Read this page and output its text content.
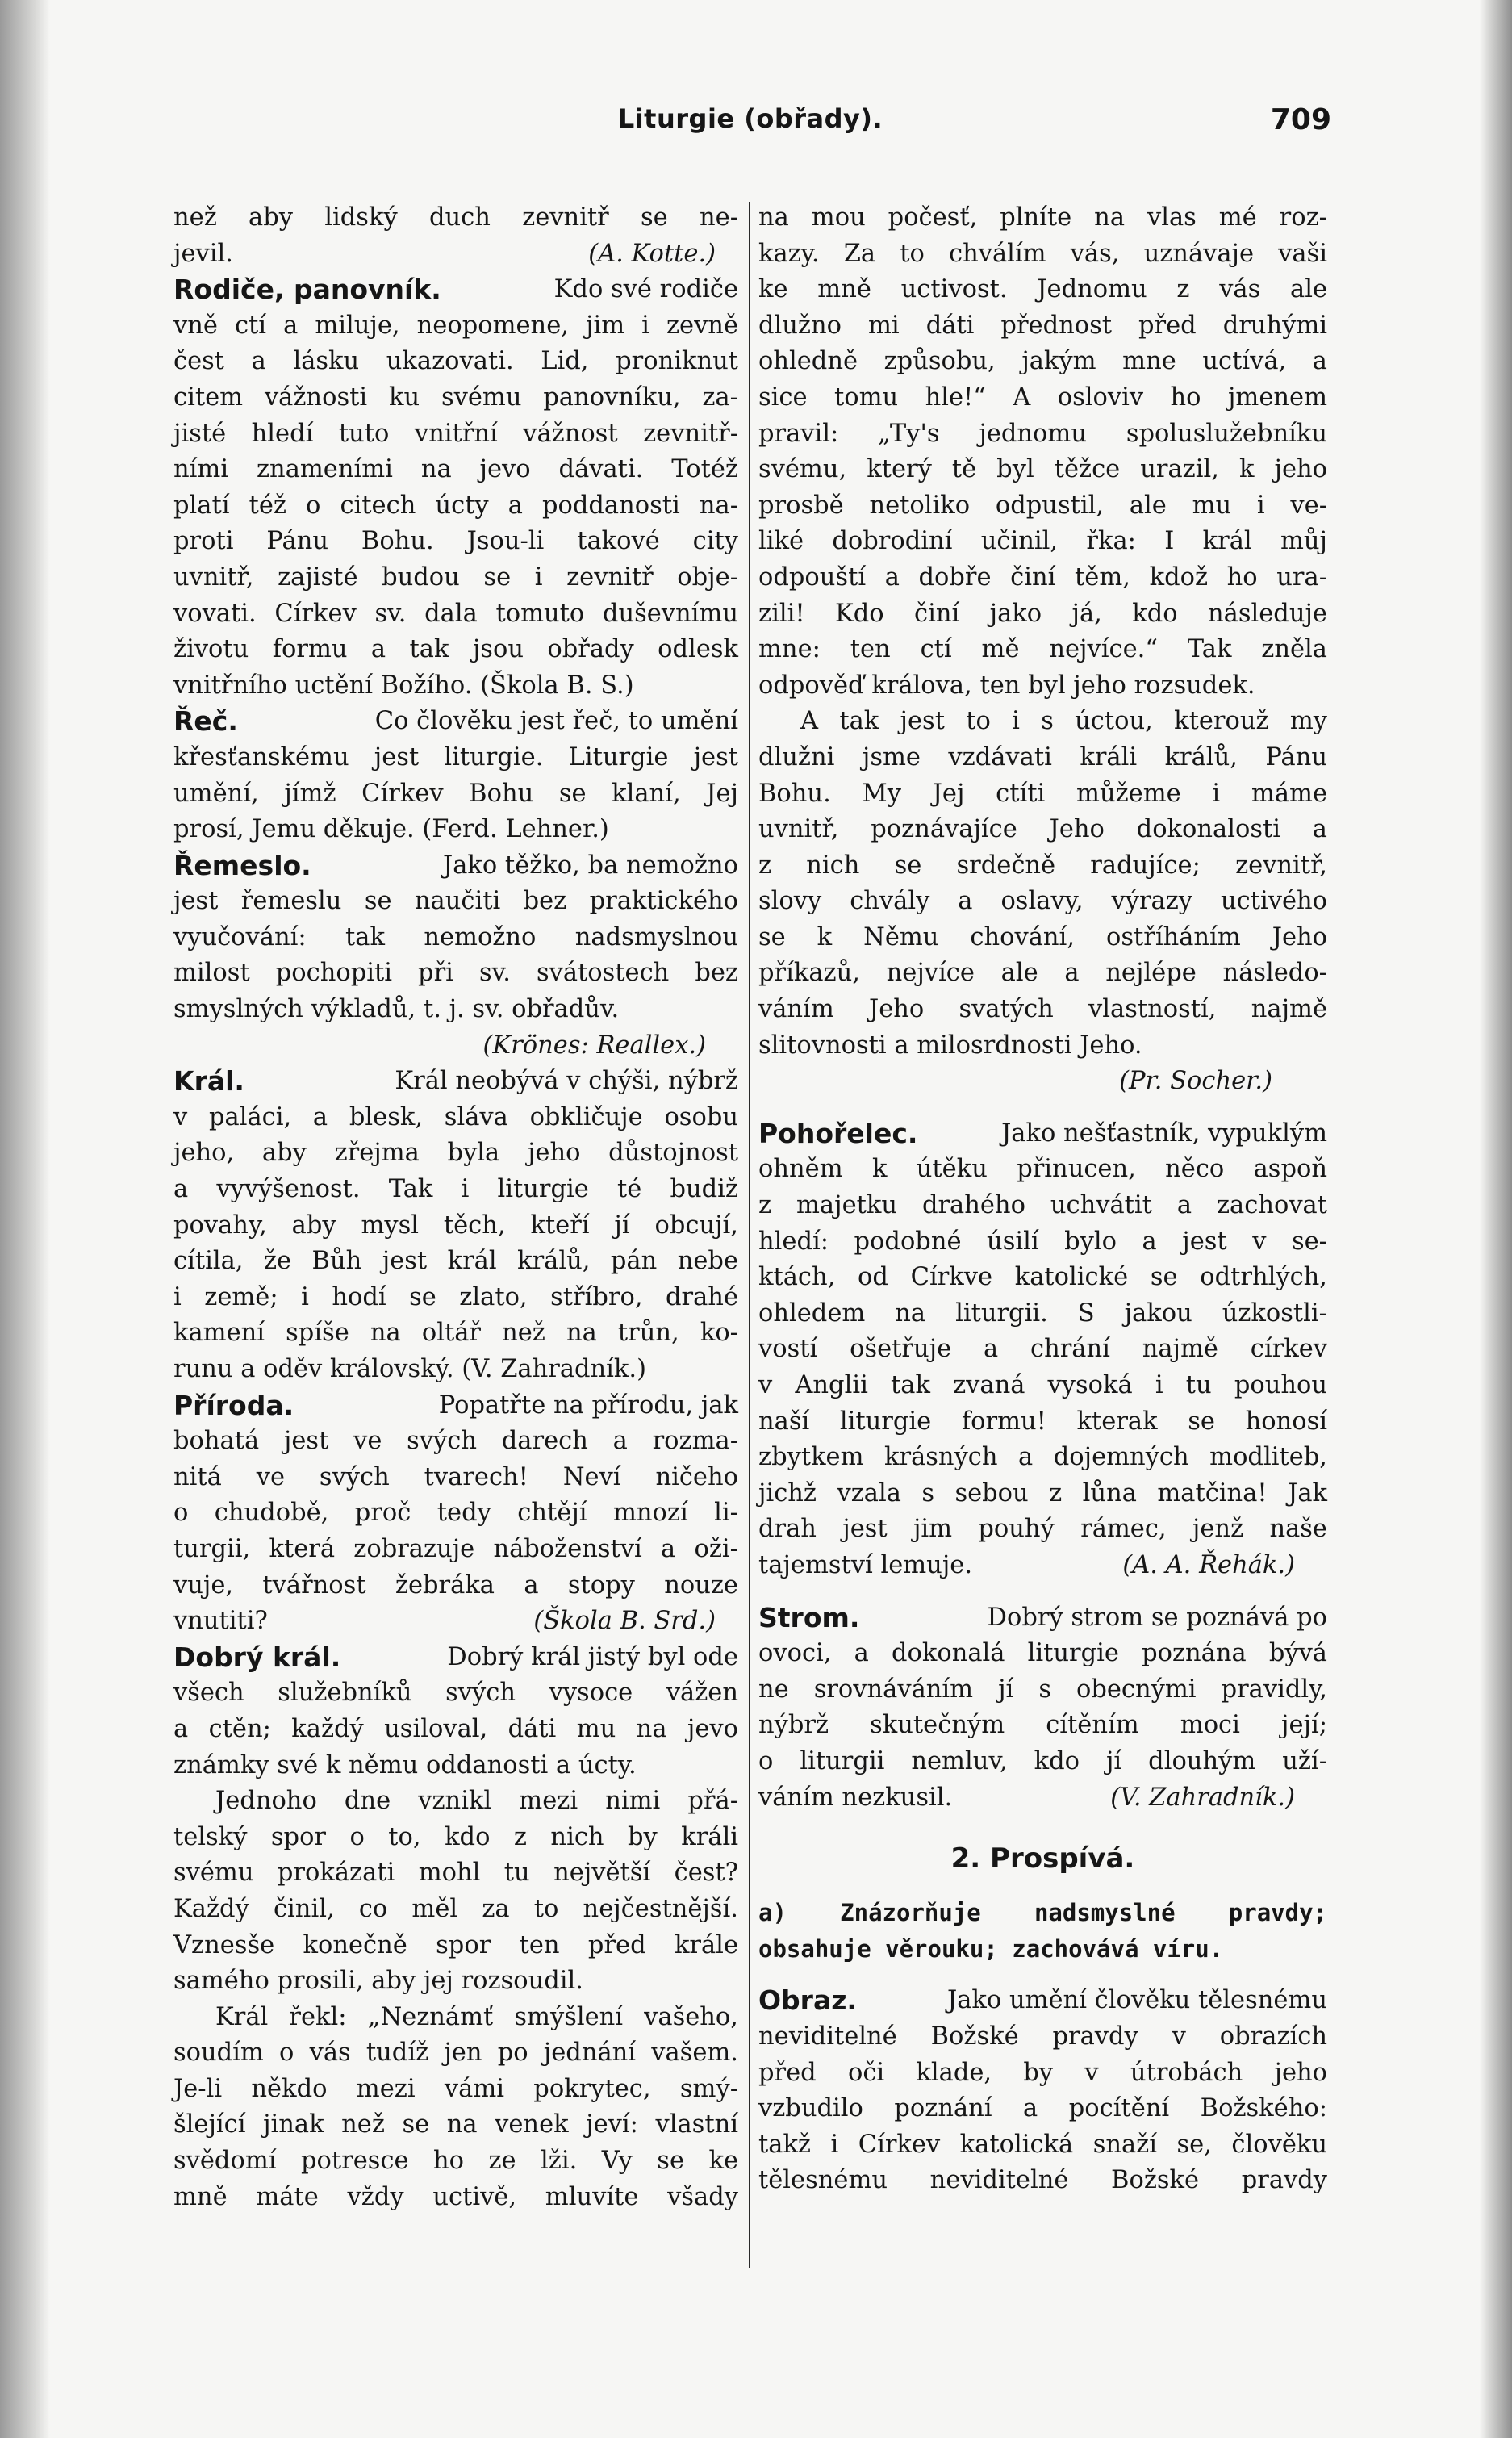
Liturgie (obřady).	709
než aby lidský duch zevnitř se ne-
jevil.	(A. Kotte.)
Rodiče, panovník.	Kdo své rodiče
vně ctí a miluje, neopomene, jim i zevně
čest a lásku ukazovati. Lid, proniknut
citem vážnosti ku svému panovníku, za-
jisté hledí tuto vnitřní vážnost zevnitř-
ními znameními na jevo dávati. Totéž
platí též o citech úcty a poddanosti na-
proti Pánu Bohu. Jsou-li takové city
uvnitř, zajisté budou se i zevnitř obje-
vovati. Církev sv. dala tomuto duševnímu
životu formu a tak jsou obřady odlesk
vnitřního uctění Božího. (Škola B. S.)
Řeč.	Co člověku jest řeč, to umění
křesťanskému jest liturgie. Liturgie jest
umění, jímž Církev Bohu se klaní, Jej
prosí, Jemu děkuje. (Ferd. Lehner.)
Řemeslo.	Jako těžko, ba nemožno
jest řemeslu se naučiti bez praktického
vyučování: tak nemožno nadsmyslnou
milost pochopiti při sv. svátostech bez
smyslných výkladů, t. j. sv. obřadův.
(Krönes: Reallex.)
Král.	Král neobývá v chýši, nýbrž
v paláci, a blesk, sláva obkličuje osobu
jeho, aby zřejma byla jeho důstojnost
a vyvýšenost. Tak i liturgie té budiž
povahy, aby mysl těch, kteří jí obcují,
cítila, že Bůh jest král králů, pán nebe
i země; i hodí se zlato, stříbro, drahé
kamení spíše na oltář než na trůn, ko-
runu a oděv královský. (V. Zahradník.)
Příroda.	Popatřte na přírodu, jak
bohatá jest ve svých darech a rozma-
nitá ve svých tvarech! Neví ničeho
o chudobě, proč tedy chtějí mnozí li-
turgii, která zobrazuje náboženství a oži-
vuje, tvářnost žebráka a stopy nouze
vnutiti?	(Škola B. Srd.)
Dobrý král.	Dobrý král jistý byl ode
všech služebníků svých vysoce vážen
a ctěn; každý usiloval, dáti mu na jevo
známky své k němu oddanosti a úcty.
Jednoho dne vznikl mezi nimi přá-
telský spor o to, kdo z nich by králi
svému prokázati mohl tu největší čest?
Každý činil, co měl za to nejčestnější.
Vznesše konečně spor ten před krále
samého prosili, aby jej rozsoudil.
Král řekl: „Neznámť smýšlení vašeho,
soudím o vás tudíž jen po jednání vašem.
Je-li někdo mezi vámi pokrytec, smý-
šlející jinak než se na venek jeví: vlastní
svědomí potresce ho ze lži. Vy se ke
mně máte vždy uctivě, mluvíte všady
na mou počesť, plníte na vlas mé roz-
kazy. Za to chválím vás, uznávaje vaši
ke mně uctivost. Jednomu z vás ale
dlužno mi dáti přednost před druhými
ohledně způsobu, jakým mne uctívá, a
sice tomu hle!“ A osloviv ho jmenem
pravil: „Ty's jednomu spoluslužebníku
svému, který tě byl těžce urazil, k jeho
prosbě netoliko odpustil, ale mu i ve-
liké dobrodiní učinil, řka: I král můj
odpouští a dobře činí těm, kdož ho ura-
zili! Kdo činí jako já, kdo následuje
mne: ten ctí mě nejvíce.“ Tak zněla
odpověď králova, ten byl jeho rozsudek.
A tak jest to i s úctou, kterouž my
dlužni jsme vzdávati králi králů, Pánu
Bohu. My Jej ctíti můžeme i máme
uvnitř, poznávajíce Jeho dokonalosti a
z nich se srdečně radujíce; zevnitř,
slovy chvály a oslavy, výrazy uctivého
se k Němu chování, ostříháním Jeho
příkazů, nejvíce ale a nejlépe následo-
váním Jeho svatých vlastností, najmě
slitovnosti a milosrdnosti Jeho.
(Pr. Socher.)
Pohořelec.	Jako nešťastník, vypuklým
ohněm k útěku přinucen, něco aspoň
z majetku drahého uchvátit a zachovat
hledí: podobné úsilí bylo a jest v se-
ktách, od Církve katolické se odtrhlých,
ohledem na liturgii. S jakou úzkostli-
vostí ošetřuje a chrání najmě církev
v Anglii tak zvaná vysoká i tu pouhou
naší liturgie formu! kterak se honosí
zbytkem krásných a dojemných modliteb,
jichž vzala s sebou z lůna matčina! Jak
drah jest jim pouhý rámec, jenž naše
tajemství lemuje.	(A. A. Řehák.)
Strom.	Dobrý strom se poznává po
ovoci, a dokonalá liturgie poznána bývá
ne srovnáváním jí s obecnými pravidly,
nýbrž skutečným cítěním moci její;
o liturgii nemluv, kdo jí dlouhým uží-
váním nezkusil.	(V. Zahradník.)
2. Prospívá.
a) Znázorňuje nadsmyslné pravdy;
obsahuje věrouku; zachovává víru.
Obraz.	Jako umění člověku tělesnému
neviditelné Božské pravdy v obrazích
před oči klade, by v útrobách jeho
vzbudilo poznání a pocítění Božského:
takž i Církev katolická snaží se, člověku
tělesnému neviditelné Božské pravdy
